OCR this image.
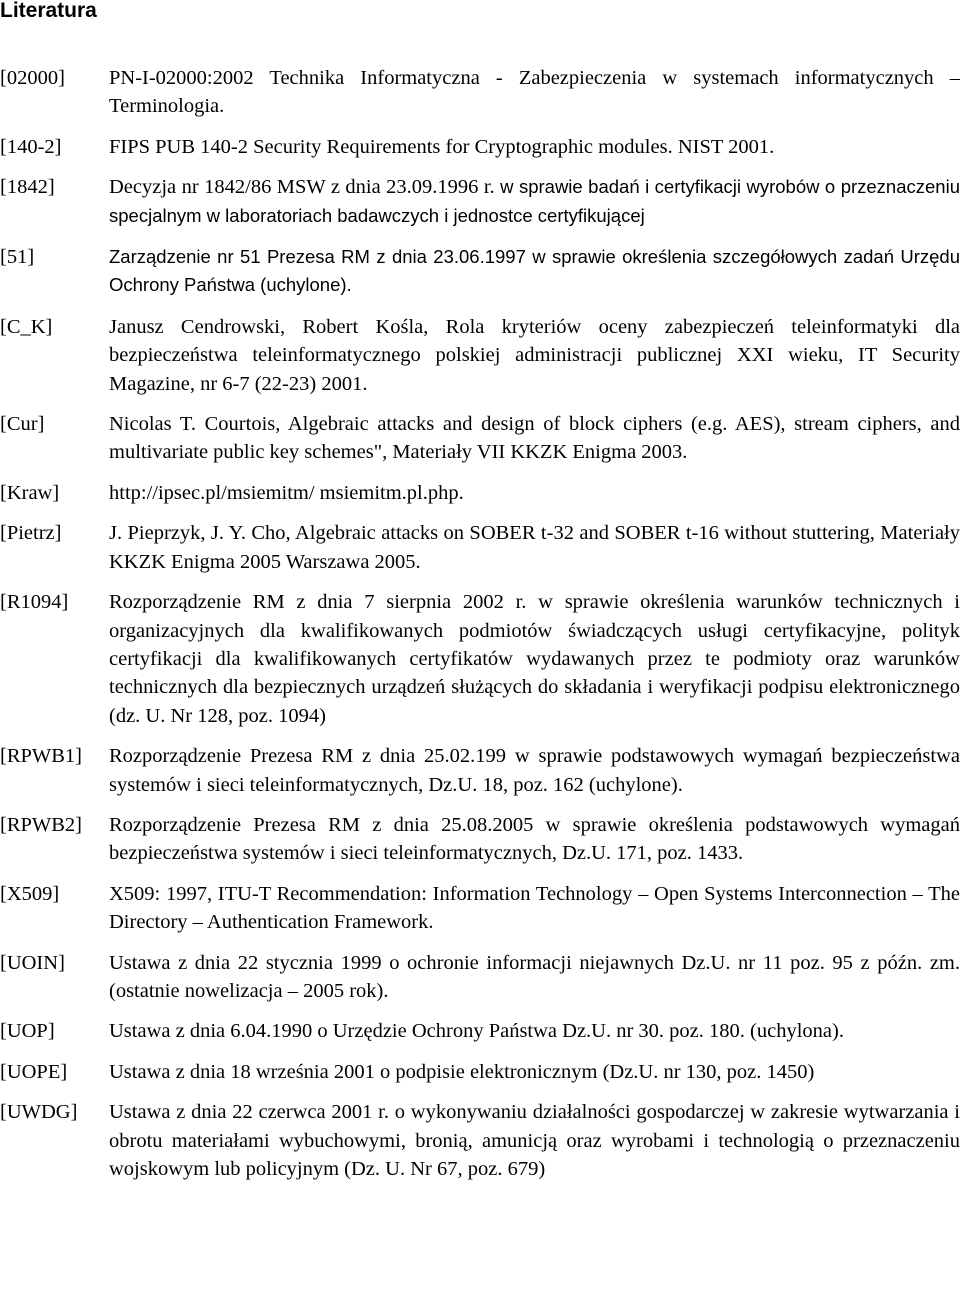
Literatura
[02000]	PN-I-02000:2002 Technika Informatyczna - Zabezpieczenia w systemach informatycznych – Terminologia.
[140-2]	FIPS PUB 140-2 Security Requirements for Cryptographic modules. NIST 2001.
[1842]	Decyzja nr 1842/86 MSW z dnia 23.09.1996 r. w sprawie badań i certyfikacji wyrobów o przeznaczeniu specjalnym w laboratoriach badawczych i jednostce certyfikującej
[51]	Zarządzenie nr 51 Prezesa RM z dnia 23.06.1997 w sprawie określenia szczegółowych zadań Urzędu Ochrony Państwa (uchylone).
[C_K]	Janusz Cendrowski, Robert Kośla, Rola kryteriów oceny zabezpieczeń teleinformatyki dla bezpieczeństwa teleinformatycznego polskiej administracji publicznej XXI wieku, IT Security Magazine, nr 6-7 (22-23) 2001.
[Cur]	Nicolas T. Courtois, Algebraic attacks and design of block ciphers (e.g. AES), stream ciphers, and multivariate public key schemes", Materiały VII KKZK Enigma 2003.
[Kraw]	http://ipsec.pl/msiemitm/ msiemitm.pl.php.
[Pietrz]	J. Pieprzyk, J. Y. Cho, Algebraic attacks on SOBER t-32 and SOBER t-16 without stuttering, Materiały KKZK Enigma 2005 Warszawa 2005.
[R1094]	Rozporządzenie RM z dnia 7 sierpnia 2002 r. w sprawie określenia warunków technicznych i organizacyjnych dla kwalifikowanych podmiotów świadczących usługi certyfikacyjne, polityk certyfikacji dla kwalifikowanych certyfikatów wydawanych przez te podmioty oraz warunków technicznych dla bezpiecznych urządzeń służących do składania i weryfikacji podpisu elektronicznego (dz. U. Nr 128, poz. 1094)
[RPWB1]	Rozporządzenie Prezesa RM z dnia 25.02.199 w sprawie podstawowych wymagań bezpieczeństwa systemów i sieci teleinformatycznych, Dz.U. 18, poz. 162 (uchylone).
[RPWB2]	Rozporządzenie Prezesa RM z dnia 25.08.2005 w sprawie określenia podstawowych wymagań bezpieczeństwa systemów i sieci teleinformatycznych, Dz.U. 171, poz. 1433.
[X509]	X509: 1997, ITU-T Recommendation: Information Technology – Open Systems Interconnection – The Directory – Authentication Framework.
[UOIN]	Ustawa z dnia 22 stycznia 1999 o ochronie informacji niejawnych Dz.U. nr 11 poz. 95 z późn. zm. (ostatnie nowelizacja – 2005 rok).
[UOP]	Ustawa z dnia 6.04.1990 o Urzędzie Ochrony Państwa Dz.U. nr 30. poz. 180. (uchylona).
[UOPE]	Ustawa z dnia 18 września 2001 o podpisie elektronicznym (Dz.U. nr 130, poz. 1450)
[UWDG]	Ustawa z dnia 22 czerwca 2001 r. o wykonywaniu działalności gospodarczej w zakresie wytwarzania i obrotu materiałami wybuchowymi, bronią, amunicją oraz wyrobami i technologią o przeznaczeniu wojskowym lub policyjnym (Dz. U. Nr 67, poz. 679)
